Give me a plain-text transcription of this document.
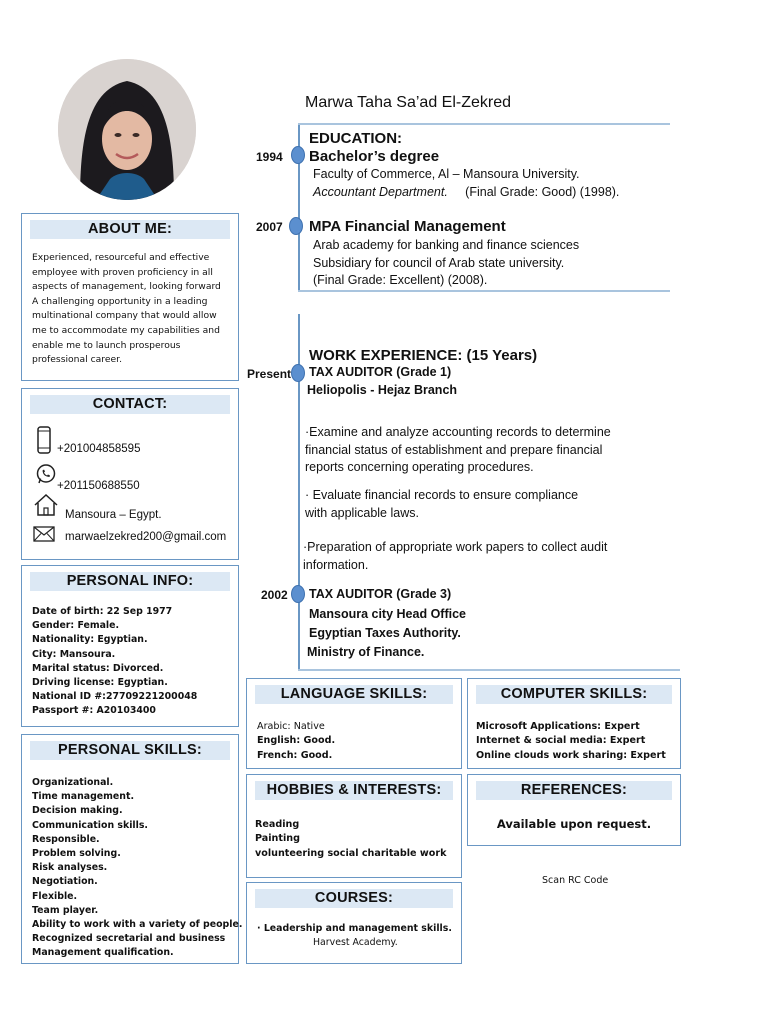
Marwa Taha Sa’ad El-Zekred
ABOUT ME:
Experienced, resourceful and effective
employee with proven proficiency in all
aspects of management, looking forward
A challenging opportunity in a leading
multinational company that would allow
me to accommodate my capabilities and
enable me to launch prosperous
professional career.
CONTACT:
+201004858595
+201150688550
Mansoura – Egypt.
marwaelzekred200@gmail.com
PERSONAL INFO:
Date of birth: 22 Sep 1977
Gender: Female.
Nationality: Egyptian.
City: Mansoura.
Marital status: Divorced.
Driving license: Egyptian.
National ID #:27709221200048
Passport #: A20103400
PERSONAL SKILLS:
Organizational.
Time management.
Decision making.
Communication skills.
Responsible.
Problem solving.
Risk analyses.
Negotiation.
Flexible.
Team player.
Ability to work with a variety of people.
Recognized secretarial and business
Management qualification.
EDUCATION:
1994 Bachelor’s degree
Faculty of Commerce, Al – Mansoura University.
Accountant Department. (Final Grade: Good) (1998).
2007 MPA Financial Management
Arab academy for banking and finance sciences
Subsidiary for council of Arab state university.
(Final Grade: Excellent) (2008).
WORK EXPERIENCE: (15 Years)
Present TAX AUDITOR (Grade 1)
Heliopolis - Hejaz Branch
·Examine and analyze accounting records to determine
financial status of establishment and prepare financial
reports concerning operating procedures.
· Evaluate financial records to ensure compliance
with applicable laws.
·Preparation of appropriate work papers to collect audit
information.
2002 TAX AUDITOR (Grade 3)
Mansoura city Head Office
Egyptian Taxes Authority.
Ministry of Finance.
LANGUAGE SKILLS:
Arabic: Native
English: Good.
French: Good.
COMPUTER SKILLS:
Microsoft Applications: Expert
Internet & social media: Expert
Online clouds work sharing: Expert
HOBBIES & INTERESTS:
Reading
Painting
volunteering social charitable work
REFERENCES:
Available upon request.
Scan RC Code
COURSES:
· Leadership and management skills.
Harvest Academy.
